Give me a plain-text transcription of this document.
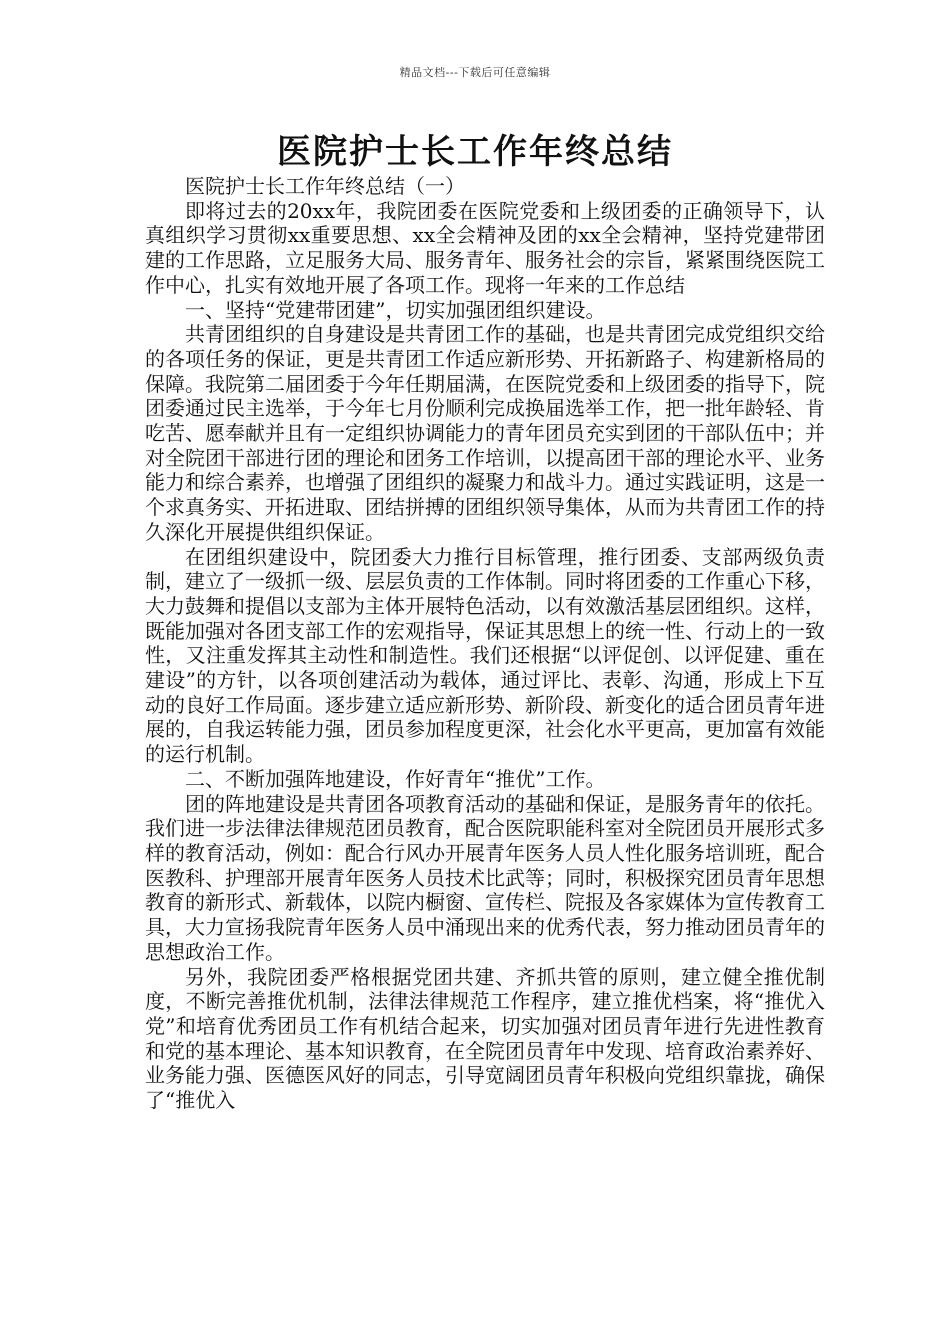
精品文档---下载后可任意编辑
医院护士长工作年终总结

医院护士长工作年终总结（一）

即将过去的20xx年，我院团委在医院党委和上级团委的正确领导下，认真组织学习贯彻xx重要思想、xx全会精神及团的xx全会精神，坚持党建带团建的工作思路，立足服务大局、服务青年、服务社会的宗旨，紧紧围绕医院工作中心，扎实有效地开展了各项工作。现将一年来的工作总结

一、坚持“党建带团建”，切实加强团组织建设。

共青团组织的自身建设是共青团工作的基础，也是共青团完成党组织交给的各项任务的保证，更是共青团工作适应新形势、开拓新路子、构建新格局的保障。我院第二届团委于今年任期届满，在医院党委和上级团委的指导下，院团委通过民主选举，于今年七月份顺利完成换届选举工作，把一批年龄轻、肯吃苦、愿奉献并且有一定组织协调能力的青年团员充实到团的干部队伍中；并对全院团干部进行团的理论和团务工作培训，以提高团干部的理论水平、业务能力和综合素养，也增强了团组织的凝聚力和战斗力。通过实践证明，这是一个求真务实、开拓进取、团结拼搏的团组织领导集体，从而为共青团工作的持久深化开展提供组织保证。

在团组织建设中，院团委大力推行目标管理，推行团委、支部两级负责制，建立了一级抓一级、层层负责的工作体制。同时将团委的工作重心下移，大力鼓舞和提倡以支部为主体开展特色活动，以有效激活基层团组织。这样，既能加强对各团支部工作的宏观指导，保证其思想上的统一性、行动上的一致性，又注重发挥其主动性和制造性。我们还根据“以评促创、以评促建、重在建设”的方针，以各项创建活动为载体，通过评比、表彰、沟通，形成上下互动的良好工作局面。逐步建立适应新形势、新阶段、新变化的适合团员青年进展的，自我运转能力强，团员参加程度更深，社会化水平更高，更加富有效能的运行机制。

二、不断加强阵地建设，作好青年“推优”工作。

团的阵地建设是共青团各项教育活动的基础和保证，是服务青年的依托。我们进一步法律法律规范团员教育，配合医院职能科室对全院团员开展形式多样的教育活动，例如：配合行风办开展青年医务人员人性化服务培训班，配合医教科、护理部开展青年医务人员技术比武等；同时，积极探究团员青年思想教育的新形式、新载体，以院内橱窗、宣传栏、院报及各家媒体为宣传教育工具，大力宣扬我院青年医务人员中涌现出来的优秀代表，努力推动团员青年的思想政治工作。

另外，我院团委严格根据党团共建、齐抓共管的原则，建立健全推优制度，不断完善推优机制，法律法律规范工作程序，建立推优档案，将“推优入党”和培育优秀团员工作有机结合起来，切实加强对团员青年进行先进性教育和党的基本理论、基本知识教育，在全院团员青年中发现、培育政治素养好、业务能力强、医德医风好的同志，引导宽阔团员青年积极向党组织靠拢，确保了“推优入
